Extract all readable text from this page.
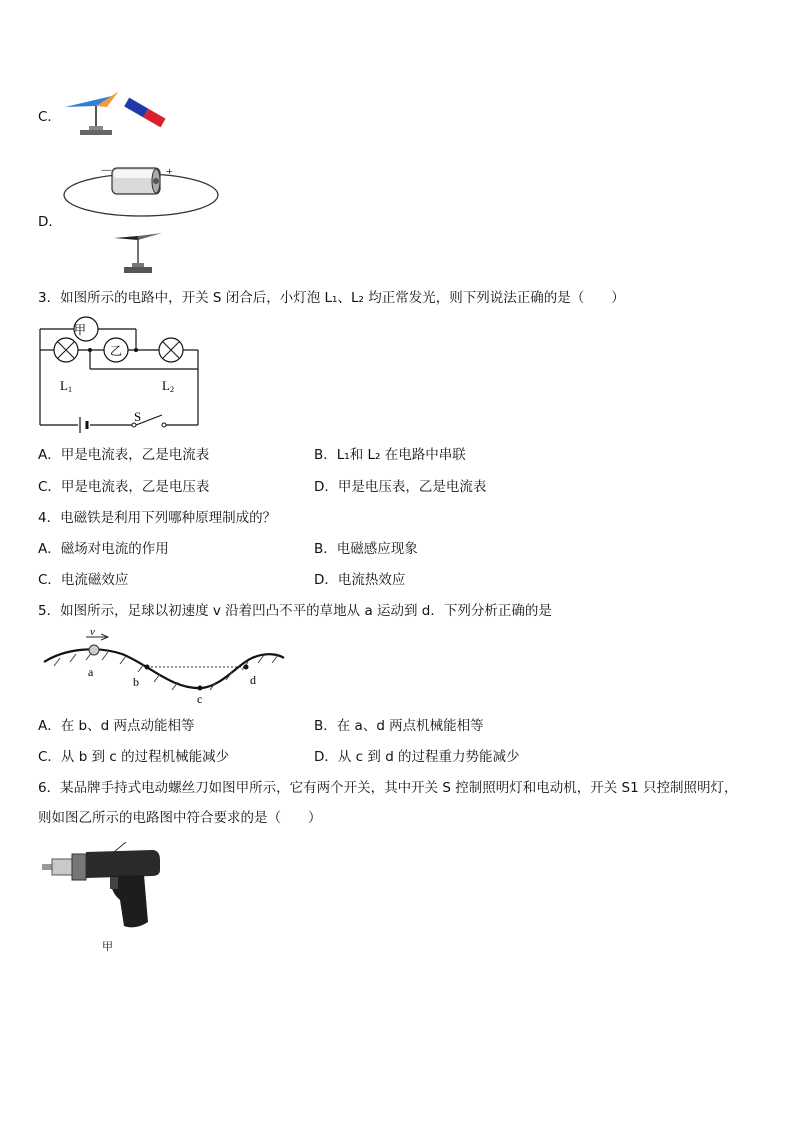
C．
D．
－	+
3．如图所示的电路中，开关 S 闭合后，小灯泡 L₁、L₂ 均正常发光，则下列说法正确的是（　　）
甲
乙
L1	L2
S
A．甲是电流表，乙是电流表	B．L₁和 L₂ 在电路中串联
C．甲是电流表，乙是电压表	D．甲是电压表，乙是电流表
4．电磁铁是利用下列哪种原理制成的？
A．磁场对电流的作用	B．电磁感应现象
C．电流磁效应	D．电流热效应
5．如图所示，足球以初速度 v 沿着凹凸不平的草地从 a 运动到 d．下列分析正确的是
v
a
b
c
d
A．在 b、d 两点动能相等	B．在 a、d 两点机械能相等
C．从 b 到 c 的过程机械能减少	D．从 c 到 d 的过程重力势能减少
6．某品牌手持式电动螺丝刀如图甲所示，它有两个开关，其中开关 S 控制照明灯和电动机，开关 S1 只控制照明灯，
则如图乙所示的电路图中符合要求的是（　　）
甲
